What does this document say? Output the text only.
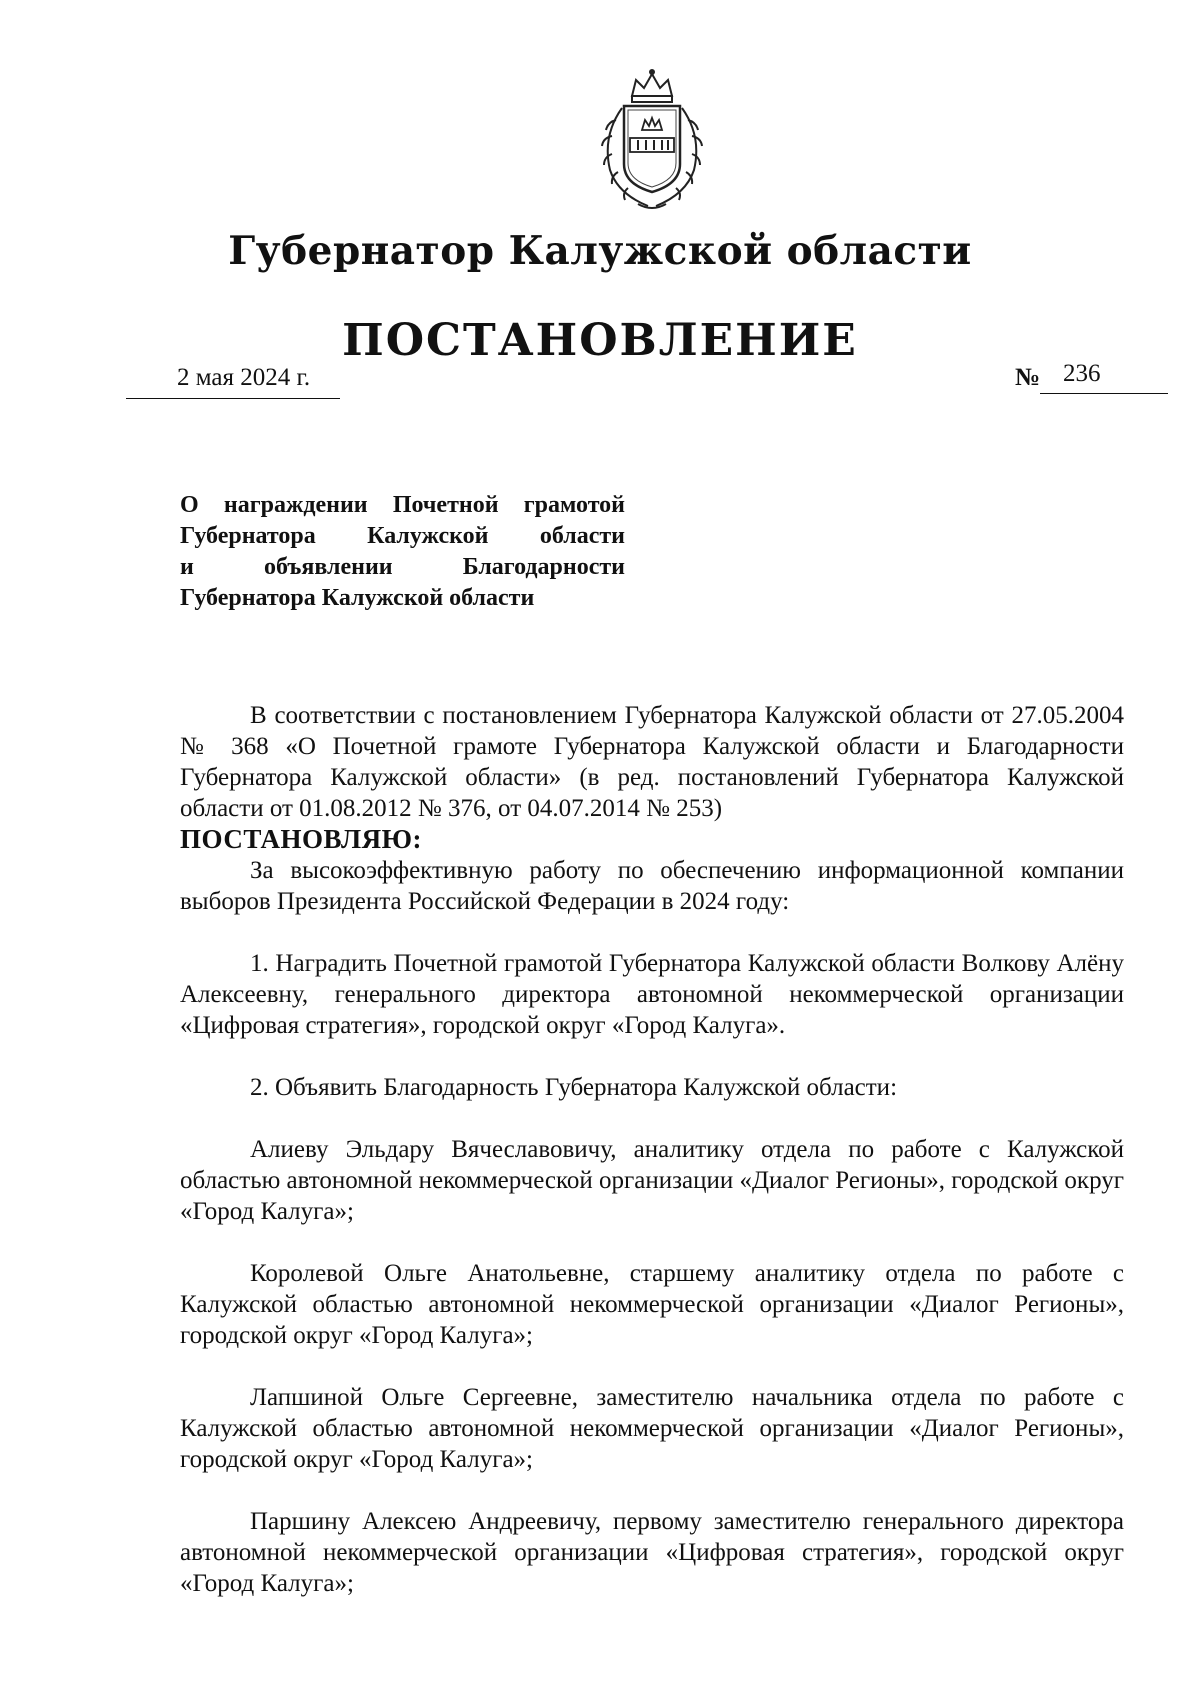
Губернатор Калужской области
ПОСТАНОВЛЕНИЕ
2 мая 2024 г.	№ 236
О награждении Почетной грамотой
Губернатора Калужской области
и объявлении Благодарности
Губернатора Калужской области

В соответствии с постановлением Губернатора Калужской области от 27.05.2004 № 368 «О Почетной грамоте Губернатора Калужской области и Благодарности Губернатора Калужской области» (в ред. постановлений Губернатора Калужской области от 01.08.2012 № 376, от 04.07.2014 № 253)

ПОСТАНОВЛЯЮ:

За высокоэффективную работу по обеспечению информационной компании выборов Президента Российской Федерации в 2024 году:

1. Наградить Почетной грамотой Губернатора Калужской области Волкову Алёну Алексеевну, генерального директора автономной некоммерческой организации «Цифровая стратегия», городской округ «Город Калуга».

2. Объявить Благодарность Губернатора Калужской области:

Алиеву Эльдару Вячеславовичу, аналитику отдела по работе с Калужской областью автономной некоммерческой организации «Диалог Регионы», городской округ «Город Калуга»;

Королевой Ольге Анатольевне, старшему аналитику отдела по работе с Калужской областью автономной некоммерческой организации «Диалог Регионы», городской округ «Город Калуга»;

Лапшиной Ольге Сергеевне, заместителю начальника отдела по работе с Калужской областью автономной некоммерческой организации «Диалог Регионы», городской округ «Город Калуга»;

Паршину Алексею Андреевичу, первому заместителю генерального директора автономной некоммерческой организации «Цифровая стратегия», городской округ «Город Калуга»;
